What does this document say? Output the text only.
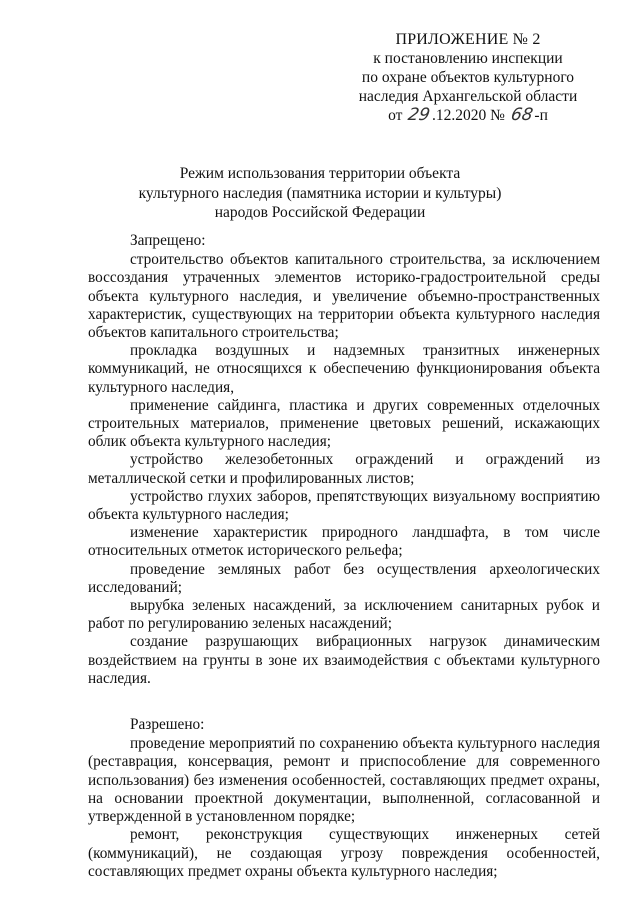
ПРИЛОЖЕНИЕ № 2
к постановлению инспекции
по охране объектов культурного
наследия Архангельской области
от 29.12.2020 № 68-п
Режим использования территории объекта
культурного наследия (памятника истории и культуры)
народов Российской Федерации
Запрещено:

строительство объектов капитального строительства, за исключением воссоздания утраченных элементов историко-градостроительной среды объекта культурного наследия, и увеличение объемно-пространственных характеристик, существующих на территории объекта культурного наследия объектов капитального строительства;

прокладка воздушных и надземных транзитных инженерных коммуникаций, не относящихся к обеспечению функционирования объекта культурного наследия,

применение сайдинга, пластика и других современных отделочных строительных материалов, применение цветовых решений, искажающих облик объекта культурного наследия;

устройство железобетонных ограждений и ограждений из металлической сетки и профилированных листов;

устройство глухих заборов, препятствующих визуальному восприятию объекта культурного наследия;

изменение характеристик природного ландшафта, в том числе относительных отметок исторического рельефа;

проведение земляных работ без осуществления археологических исследований;

вырубка зеленых насаждений, за исключением санитарных рубок и работ по регулированию зеленых насаждений;

создание разрушающих вибрационных нагрузок динамическим воздействием на грунты в зоне их взаимодействия с объектами культурного наследия.

Разрешено:

проведение мероприятий по сохранению объекта культурного наследия (реставрация, консервация, ремонт и приспособление для современного использования) без изменения особенностей, составляющих предмет охраны, на основании проектной документации, выполненной, согласованной и утвержденной в установленном порядке;

ремонт, реконструкция существующих инженерных сетей (коммуникаций), не создающая угрозу повреждения особенностей, составляющих предмет охраны объекта культурного наследия;
